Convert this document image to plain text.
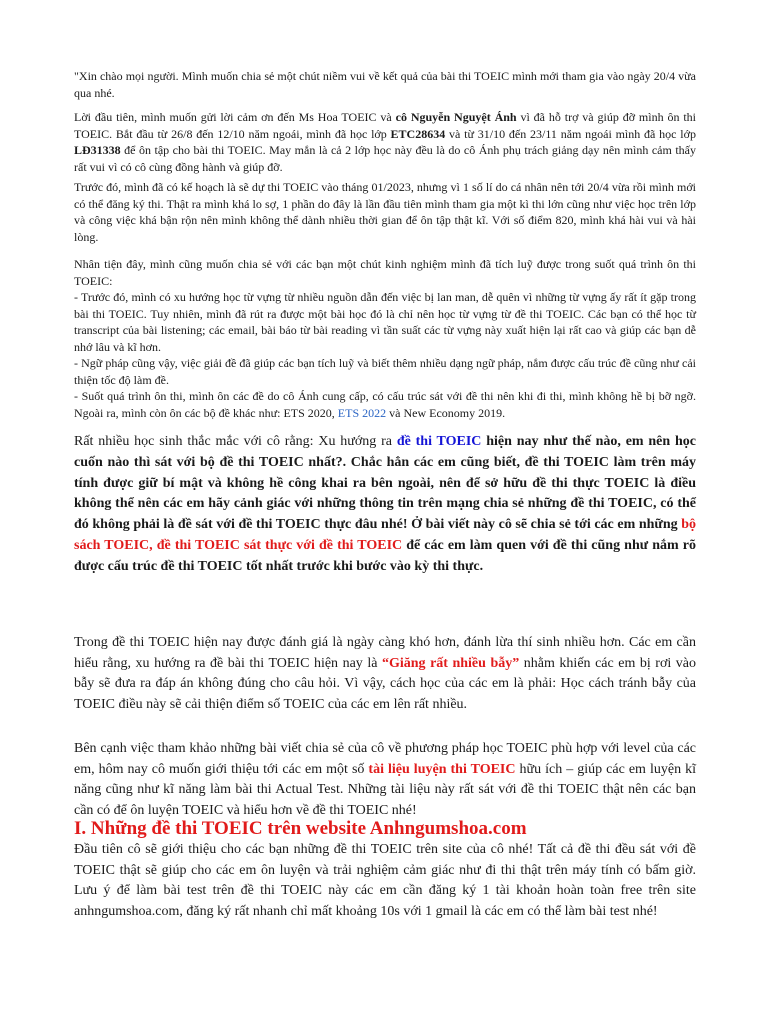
"Xin chào mọi người. Mình muốn chia sẻ một chút niềm vui về kết quả của bài thi TOEIC mình mới tham gia vào ngày 20/4 vừa qua nhé.

Lời đầu tiên, mình muốn gửi lời cảm ơn đến Ms Hoa TOEIC và cô Nguyễn Nguyệt Ánh vì đã hỗ trợ và giúp đỡ mình ôn thi TOEIC. Bắt đầu từ 26/8 đến 12/10 năm ngoái, mình đã học lớp ETC28634 và từ 31/10 đến 23/11 năm ngoái mình đã học lớp LĐ31338 để ôn tập cho bài thi TOEIC. May mắn là cả 2 lớp học này đều là do cô Ánh phụ trách giảng dạy nên mình cảm thấy rất vui vì có cô cùng đồng hành và giúp đỡ.

Trước đó, mình đã có kế hoạch là sẽ dự thi TOEIC vào tháng 01/2023, nhưng vì 1 số lí do cá nhân nên tới 20/4 vừa rồi mình mới có thể đăng ký thi. Thật ra mình khá lo sợ, 1 phần do đây là lần đầu tiên mình tham gia một kì thi lớn cũng như việc học trên lớp và công việc khá bận rộn nên mình không thể dành nhiều thời gian để ôn tập thật kĩ. Với số điểm 820, mình khá hài vui và hài lòng.

Nhân tiện đây, mình cũng muốn chia sẻ với các bạn một chút kinh nghiệm mình đã tích luỹ được trong suốt quá trình ôn thi TOEIC:

- Trước đó, mình có xu hướng học từ vựng từ nhiều nguồn dẫn đến việc bị lan man, dễ quên vì những từ vựng ấy rất ít gặp trong bài thi TOEIC. Tuy nhiên, mình đã rút ra được một bài học đó là chỉ nên học từ vựng từ đề thi TOEIC. Các bạn có thể học từ transcript của bài listening; các email, bài báo từ bài reading vì tần suất các từ vựng này xuất hiện lại rất cao và giúp các bạn dễ nhớ lâu và kĩ hơn.

- Ngữ pháp cũng vậy, việc giải đề đã giúp các bạn tích luỹ và biết thêm nhiều dạng ngữ pháp, nắm được cấu trúc đề cũng như cải thiện tốc độ làm đề.

- Suốt quá trình ôn thi, mình ôn các đề do cô Ánh cung cấp, có cấu trúc sát với đề thi nên khi đi thi, mình không hề bị bỡ ngỡ. Ngoài ra, mình còn ôn các bộ đề khác như: ETS 2020, ETS 2022 và New Economy 2019.

Rất nhiều học sinh thắc mắc với cô rằng: Xu hướng ra đề thi TOEIC hiện nay như thế nào, em nên học cuốn nào thì sát với bộ đề thi TOEIC nhất?. Chắc hẳn các em cũng biết, đề thi TOEIC làm trên máy tính được giữ bí mật và không hề công khai ra bên ngoài, nên để sở hữu đề thi thực TOEIC là điều không thể nên các em hãy cảnh giác với những thông tin trên mạng chia sẻ những đề thi TOEIC, có thể đó không phải là đề sát với đề thi TOEIC thực đâu nhé! Ở bài viết này cô sẽ chia sẻ tới các em những bộ sách TOEIC, đề thi TOEIC sát thực với đề thi TOEIC để các em làm quen với đề thi cũng như nắm rõ được cấu trúc đề thi TOEIC tốt nhất trước khi bước vào kỳ thi thực.

Trong đề thi TOEIC hiện nay được đánh giá là ngày càng khó hơn, đánh lừa thí sinh nhiều hơn. Các em cần hiểu rằng, xu hướng ra đề bài thi TOEIC hiện nay là “Giăng rất nhiều bẫy” nhằm khiến các em bị rơi vào bẫy sẽ đưa ra đáp án không đúng cho câu hỏi. Vì vậy, cách học của các em là phải: Học cách tránh bẫy của TOEIC điều này sẽ cải thiện điểm số TOEIC của các em lên rất nhiều.

Bên cạnh việc tham khảo những bài viết chia sẻ của cô về phương pháp học TOEIC phù hợp với level của các em, hôm nay cô muốn giới thiệu tới các em một số tài liệu luyện thi TOEIC hữu ích – giúp các em luyện kĩ năng cũng như kĩ năng làm bài thi Actual Test. Những tài liệu này rất sát với đề thi TOEIC thật nên các bạn cần có để ôn luyện TOEIC và hiểu hơn về đề thi TOEIC nhé!

I. Những đề thi TOEIC trên website Anhngumshoa.com

Đầu tiên cô sẽ giới thiệu cho các bạn những đề thi TOEIC trên site của cô nhé! Tất cả đề thi đều sát với đề TOEIC thật sẽ giúp cho các em ôn luyện và trải nghiệm cảm giác như đi thi thật trên máy tính có bấm giờ. Lưu ý để làm bài test trên đề thi TOEIC này các em cần đăng ký 1 tài khoản hoàn toàn free trên site anhngumshoa.com, đăng ký rất nhanh chỉ mất khoảng 10s với 1 gmail là các em có thể làm bài test nhé!
